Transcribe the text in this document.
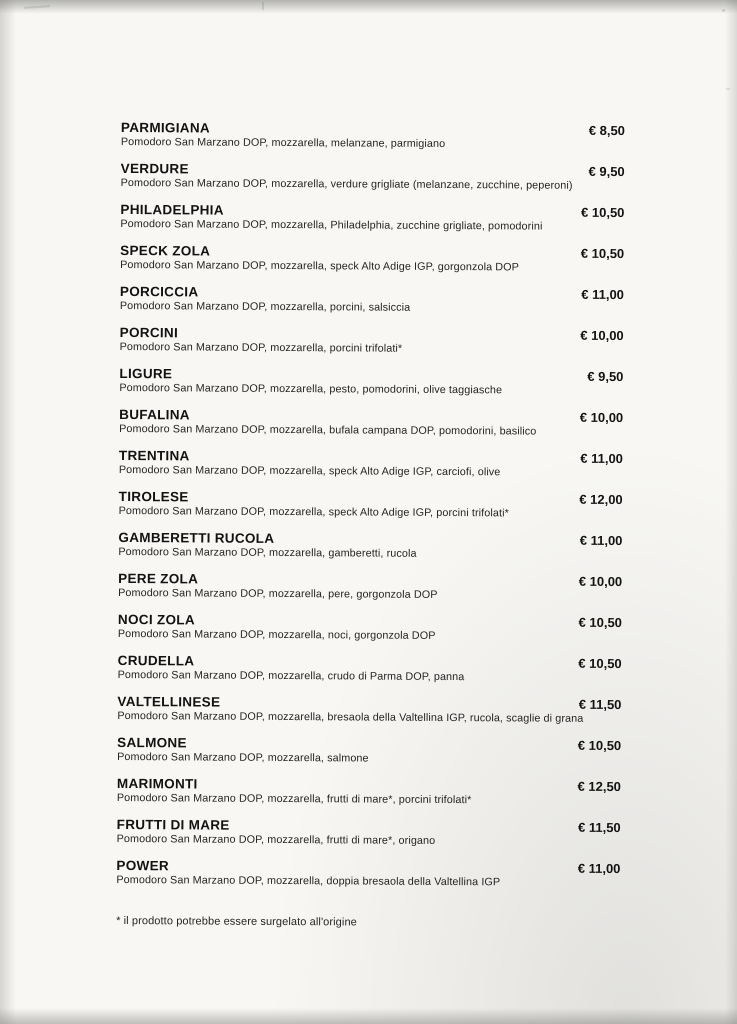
PARMIGIANA	€ 8,50
Pomodoro San Marzano DOP, mozzarella, melanzane, parmigiano
VERDURE	€ 9,50
Pomodoro San Marzano DOP, mozzarella, verdure grigliate (melanzane, zucchine, peperoni)
PHILADELPHIA	€ 10,50
Pomodoro San Marzano DOP, mozzarella, Philadelphia, zucchine grigliate, pomodorini
SPECK ZOLA	€ 10,50
Pomodoro San Marzano DOP, mozzarella, speck Alto Adige IGP, gorgonzola DOP
PORCICCIA	€ 11,00
Pomodoro San Marzano DOP, mozzarella, porcini, salsiccia
PORCINI	€ 10,00
Pomodoro San Marzano DOP, mozzarella, porcini trifolati*
LIGURE	€ 9,50
Pomodoro San Marzano DOP, mozzarella, pesto, pomodorini, olive taggiasche
BUFALINA	€ 10,00
Pomodoro San Marzano DOP, mozzarella, bufala campana DOP, pomodorini, basilico
TRENTINA	€ 11,00
Pomodoro San Marzano DOP, mozzarella, speck Alto Adige IGP, carciofi, olive
TIROLESE	€ 12,00
Pomodoro San Marzano DOP, mozzarella, speck Alto Adige IGP, porcini trifolati*
GAMBERETTI RUCOLA	€ 11,00
Pomodoro San Marzano DOP, mozzarella, gamberetti, rucola
PERE ZOLA	€ 10,00
Pomodoro San Marzano DOP, mozzarella, pere, gorgonzola DOP
NOCI ZOLA	€ 10,50
Pomodoro San Marzano DOP, mozzarella, noci, gorgonzola DOP
CRUDELLA	€ 10,50
Pomodoro San Marzano DOP, mozzarella, crudo di Parma DOP, panna
VALTELLINESE	€ 11,50
Pomodoro San Marzano DOP, mozzarella, bresaola della Valtellina IGP, rucola, scaglie di grana
SALMONE	€ 10,50
Pomodoro San Marzano DOP, mozzarella, salmone
MARIMONTI	€ 12,50
Pomodoro San Marzano DOP, mozzarella, frutti di mare*, porcini trifolati*
FRUTTI DI MARE	€ 11,50
Pomodoro San Marzano DOP, mozzarella, frutti di mare*, origano
POWER	€ 11,00
Pomodoro San Marzano DOP, mozzarella, doppia bresaola della Valtellina IGP
* il prodotto potrebbe essere surgelato all'origine
